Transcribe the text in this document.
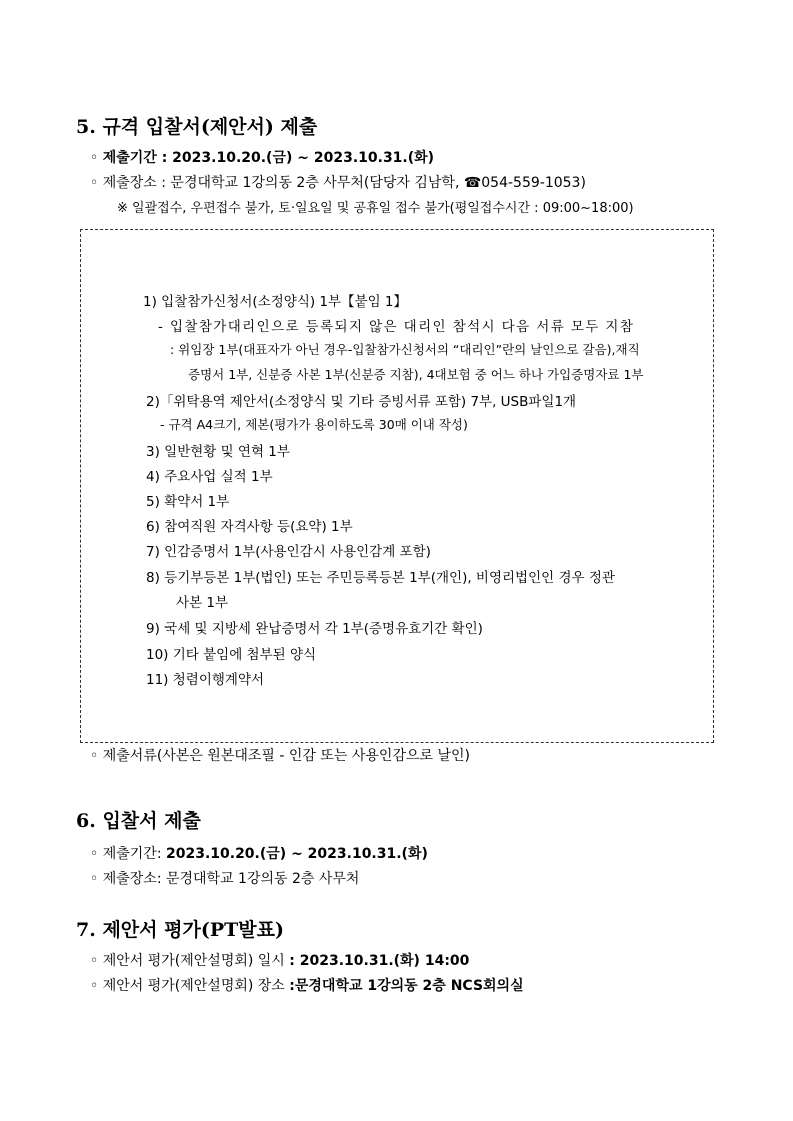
5. 규격 입찰서(제안서) 제출
◦ 제출기간 : 2023.10.20.(금) ~ 2023.10.31.(화)
◦ 제출장소 : 문경대학교 1강의동 2층 사무처(담당자 김남학, ☎054-559-1053)
※ 일괄접수, 우편접수 불가, 토·일요일 및 공휴일 접수 불가(평일접수시간 : 09:00~18:00)
1) 입찰참가신청서(소정양식) 1부【붙임 1】
- 입찰참가대리인으로 등록되지 않은 대리인 참석시 다음 서류 모두 지참
: 위임장 1부(대표자가 아닌 경우-입찰참가신청서의 “대리인”란의 날인으로 갈음),재직
증명서 1부, 신분증 사본 1부(신분증 지참), 4대보험 중 어느 하나 가입증명자료 1부
2)「위탁용역 제안서(소정양식 및 기타 증빙서류 포함) 7부, USB파일1개
- 규격 A4크기, 제본(평가가 용이하도록 30매 이내 작성)
3) 일반현황 및 연혁 1부
4) 주요사업 실적 1부
5) 확약서 1부
6) 참여직원 자격사항 등(요약) 1부
7) 인감증명서 1부(사용인감시 사용인감계 포함)
8) 등기부등본 1부(법인) 또는 주민등록등본 1부(개인), 비영리법인인 경우 정관
사본 1부
9) 국세 및 지방세 완납증명서 각 1부(증명유효기간 확인)
10) 기타 붙임에 첨부된 양식
11) 청렴이행계약서
◦ 제출서류(사본은 원본대조필 - 인감 또는 사용인감으로 날인)
6. 입찰서 제출
◦ 제출기간: 2023.10.20.(금) ~ 2023.10.31.(화)
◦ 제출장소: 문경대학교 1강의동 2층 사무처
7. 제안서 평가(PT발표)
◦ 제안서 평가(제안설명회) 일시 : 2023.10.31.(화) 14:00
◦ 제안서 평가(제안설명회) 장소 :문경대학교 1강의동 2층 NCS회의실
